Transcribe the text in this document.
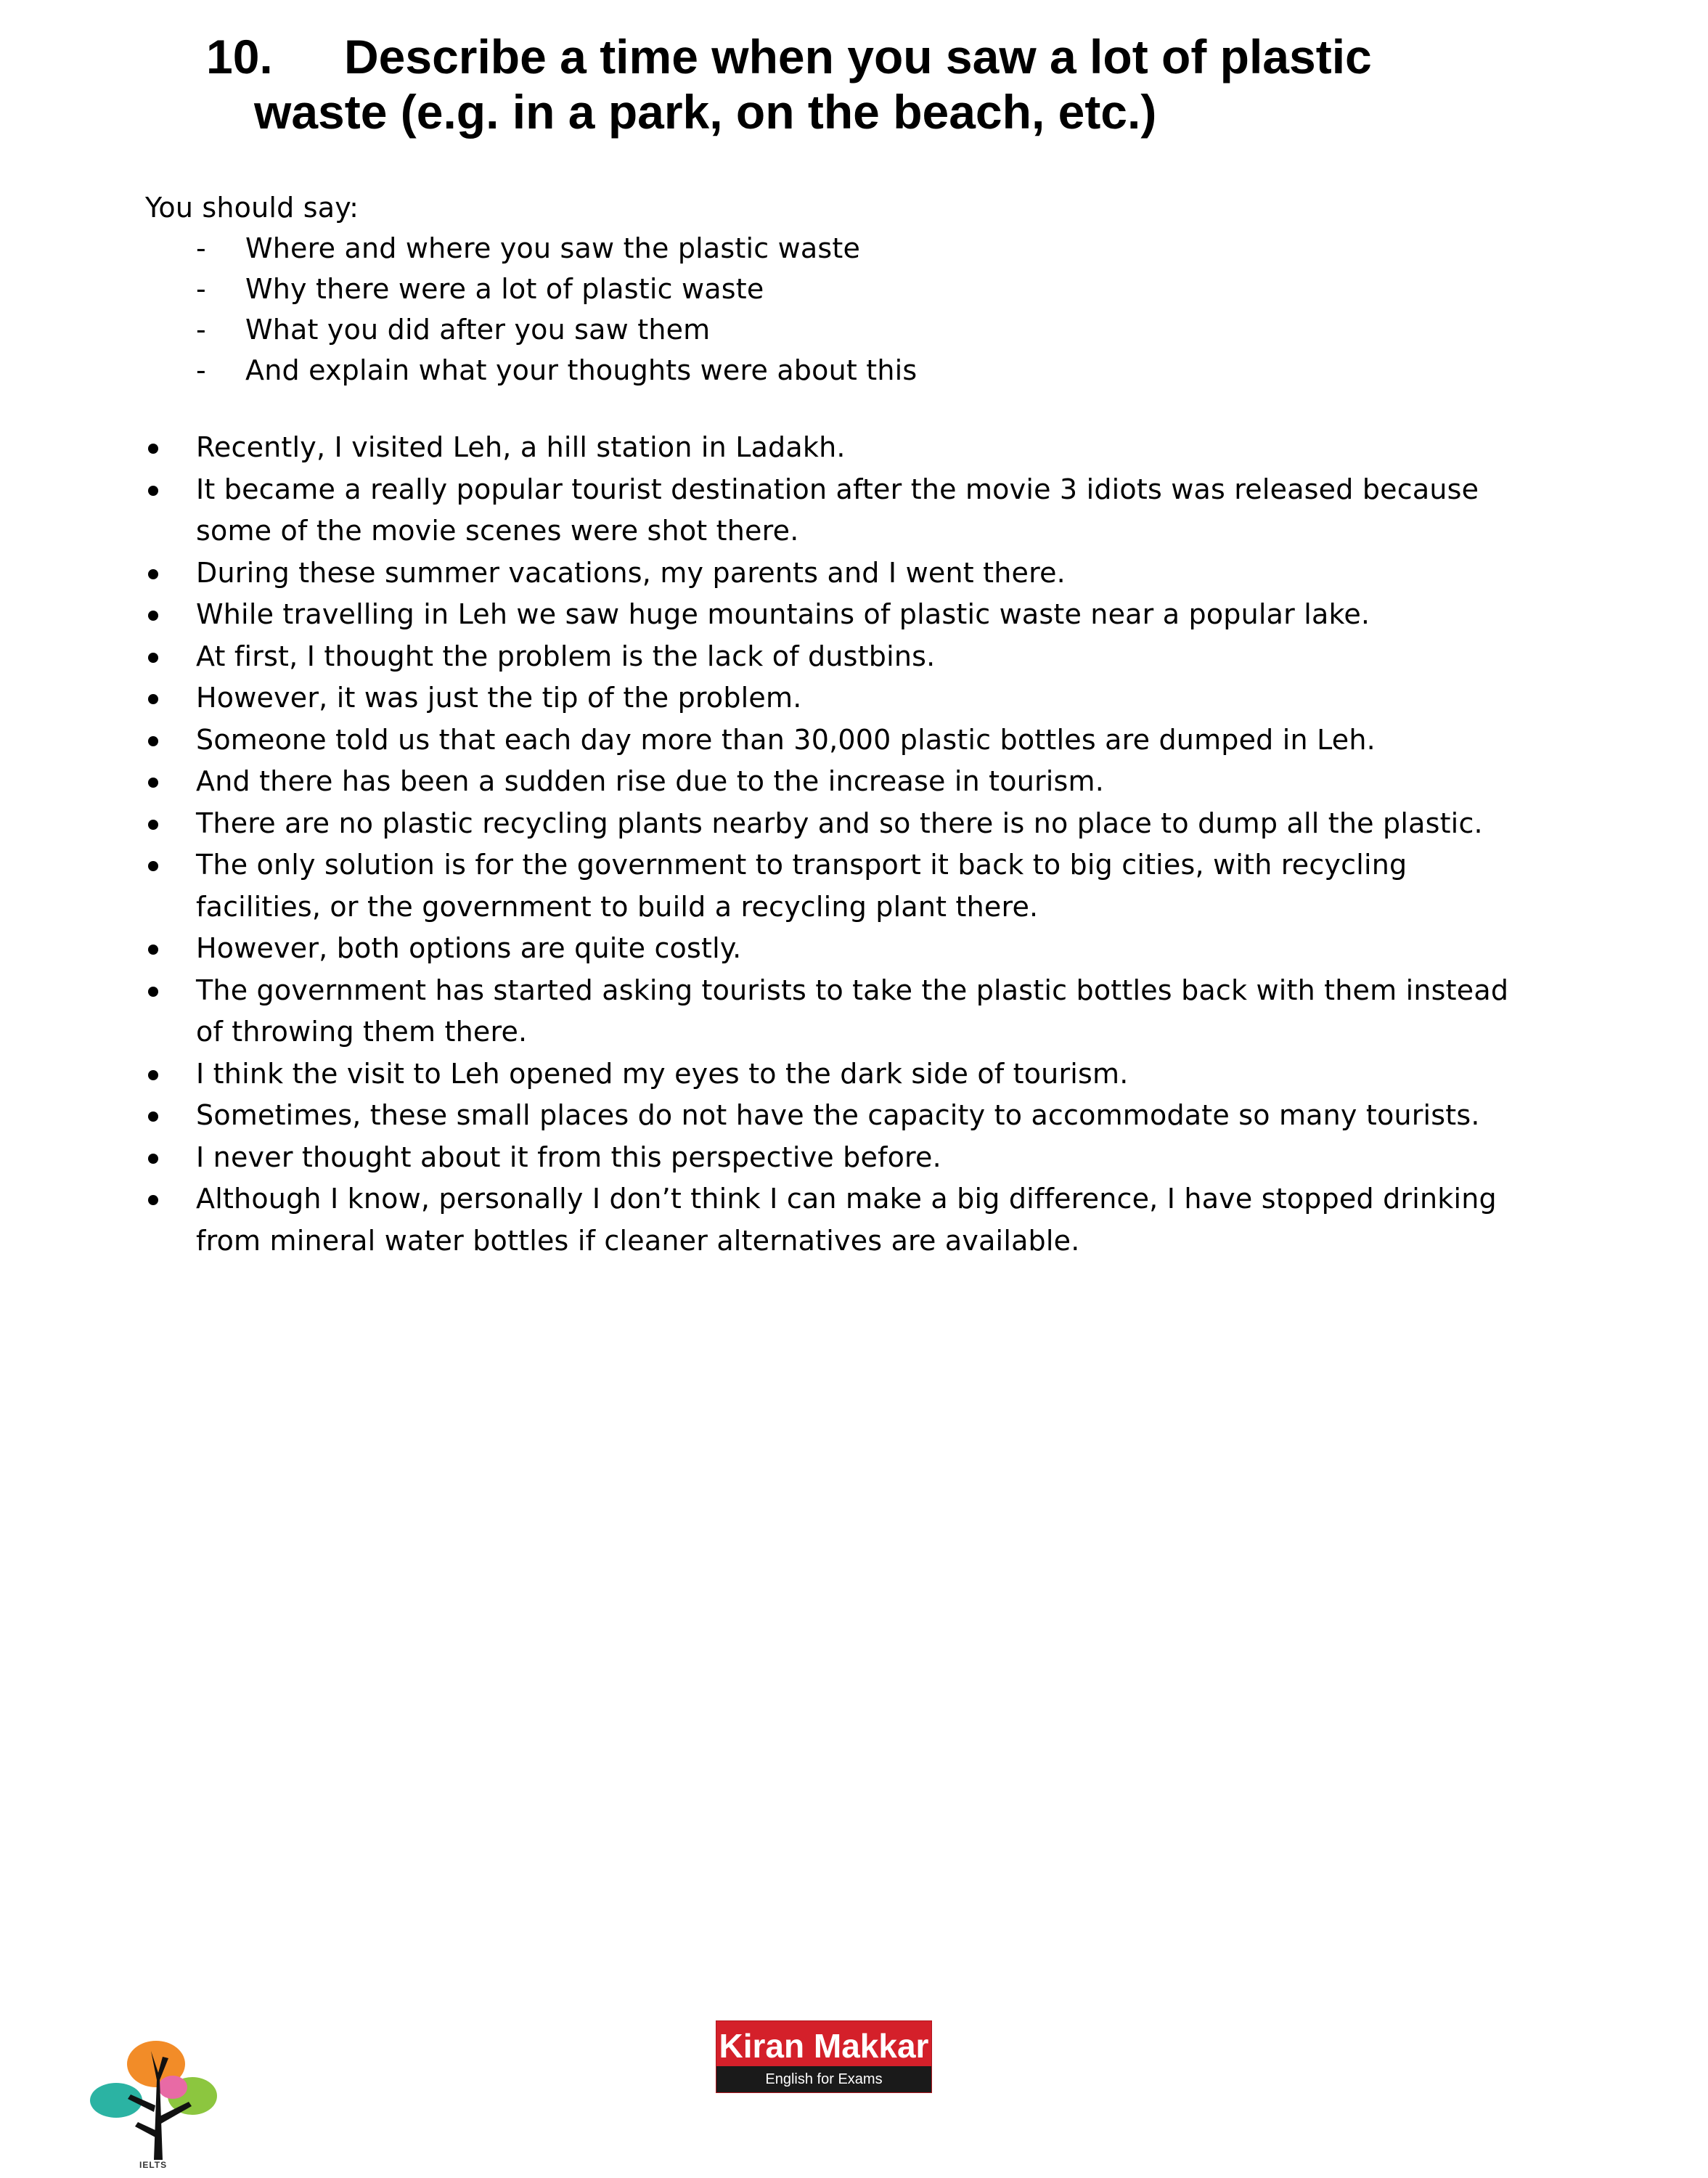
10. Describe a time when you saw a lot of plastic
waste (e.g. in a park, on the beach, etc.)
You should say:
- Where and where you saw the plastic waste
- Why there were a lot of plastic waste
- What you did after you saw them
- And explain what your thoughts were about this
Recently, I visited Leh, a hill station in Ladakh.
It became a really popular tourist destination after the movie 3 idiots was released because some of the movie scenes were shot there.
During these summer vacations, my parents and I went there.
While travelling in Leh we saw huge mountains of plastic waste near a popular lake.
At first, I thought the problem is the lack of dustbins.
However, it was just the tip of the problem.
Someone told us that each day more than 30,000 plastic bottles are dumped in Leh.
And there has been a sudden rise due to the increase in tourism.
There are no plastic recycling plants nearby and so there is no place to dump all the plastic.
The only solution is for the government to transport it back to big cities, with recycling facilities, or the government to build a recycling plant there.
However, both options are quite costly.
The government has started asking tourists to take the plastic bottles back with them instead of throwing them there.
I think the visit to Leh opened my eyes to the dark side of tourism.
Sometimes, these small places do not have the capacity to accommodate so many tourists.
I never thought about it from this perspective before.
Although I know, personally I don’t think I can make a big difference, I have stopped drinking from mineral water bottles if cleaner alternatives are available.
Kiran Makkar
English for Exams
IELTS
